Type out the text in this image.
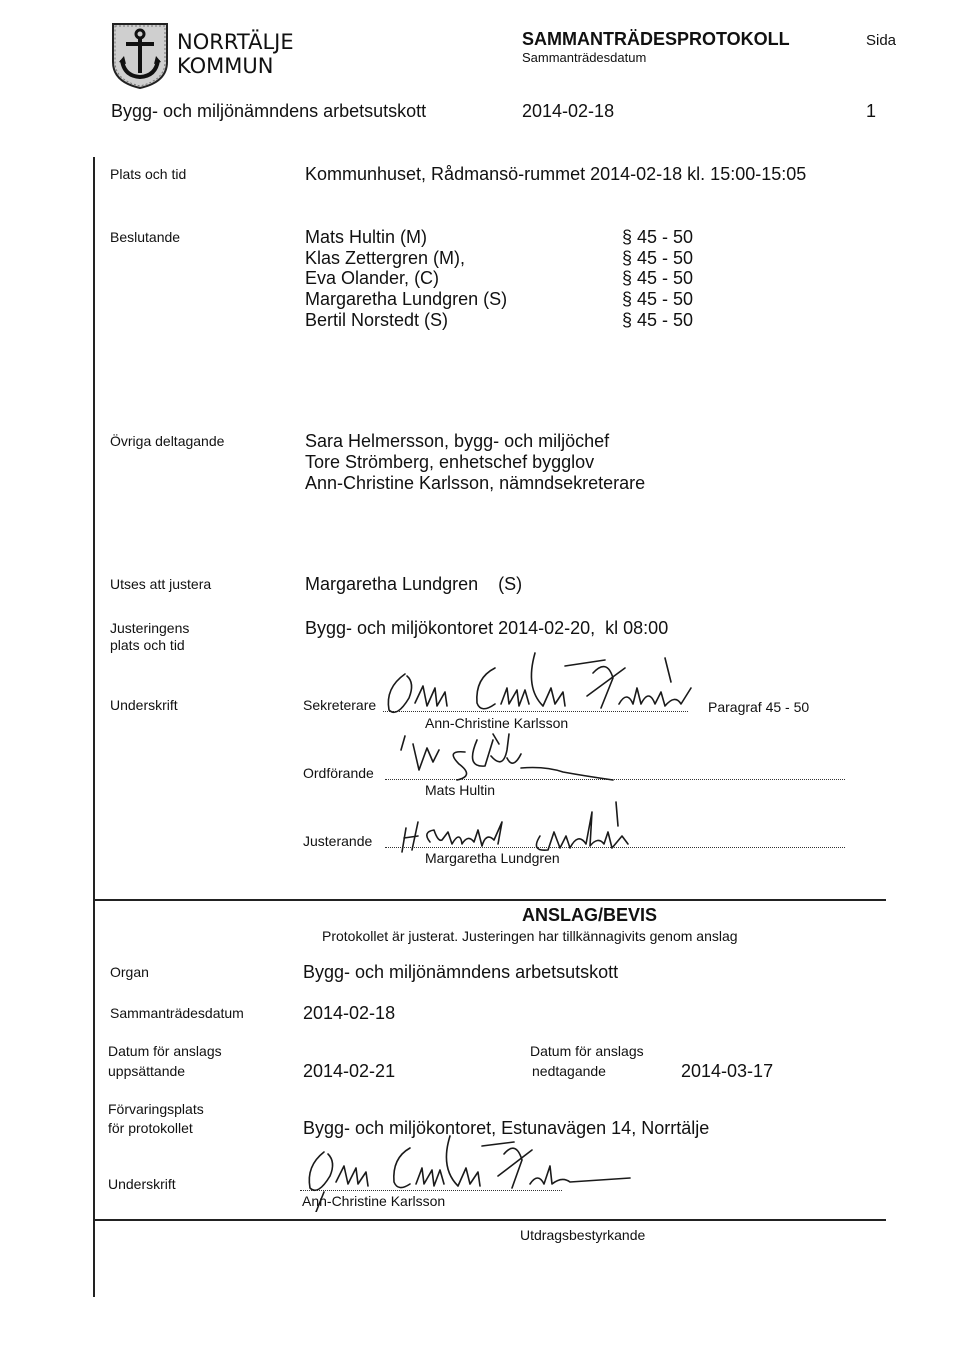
NORRTÄLJE
KOMMUN
SAMMANTRÄDESPROTOKOLL
Sammanträdesdatum
Sida
Bygg- och miljönämndens arbetsutskott	2014-02-18	1
Plats och tid	Kommunhuset, Rådmansö-rummet 2014-02-18 kl. 15:00-15:05
Beslutande	Mats Hultin (M)	§ 45 - 50
Klas Zettergren (M),	§ 45 - 50
Eva Olander, (C)	§ 45 - 50
Margaretha Lundgren (S)	§ 45 - 50
Bertil Norstedt (S)	§ 45 - 50
Övriga deltagande	Sara Helmersson, bygg- och miljöchef
Tore Strömberg, enhetschef bygglov
Ann-Christine Karlsson, nämndsekreterare
Utses att justera	Margaretha Lundgren    (S)
Justeringens
plats och tid
Bygg- och miljökontoret 2014-02-20,  kl 08:00
Underskrift	Sekreterare
Ann-Christine Karlsson
Paragraf 45 - 50
Ordförande
Mats Hultin
Justerande
Margaretha Lundgren
ANSLAG/BEVIS
Protokollet är justerat. Justeringen har tillkännagivits genom anslag
Organ	Bygg- och miljönämndens arbetsutskott
Sammanträdesdatum	2014-02-18
Datum för anslags
uppsättande	2014-02-21
Datum för anslags
nedtagande	2014-03-17
Förvaringsplats
för protokollet	Bygg- och miljökontoret, Estunavägen 14, Norrtälje
Underskrift
Ann-Christine Karlsson
Utdragsbestyrkande
